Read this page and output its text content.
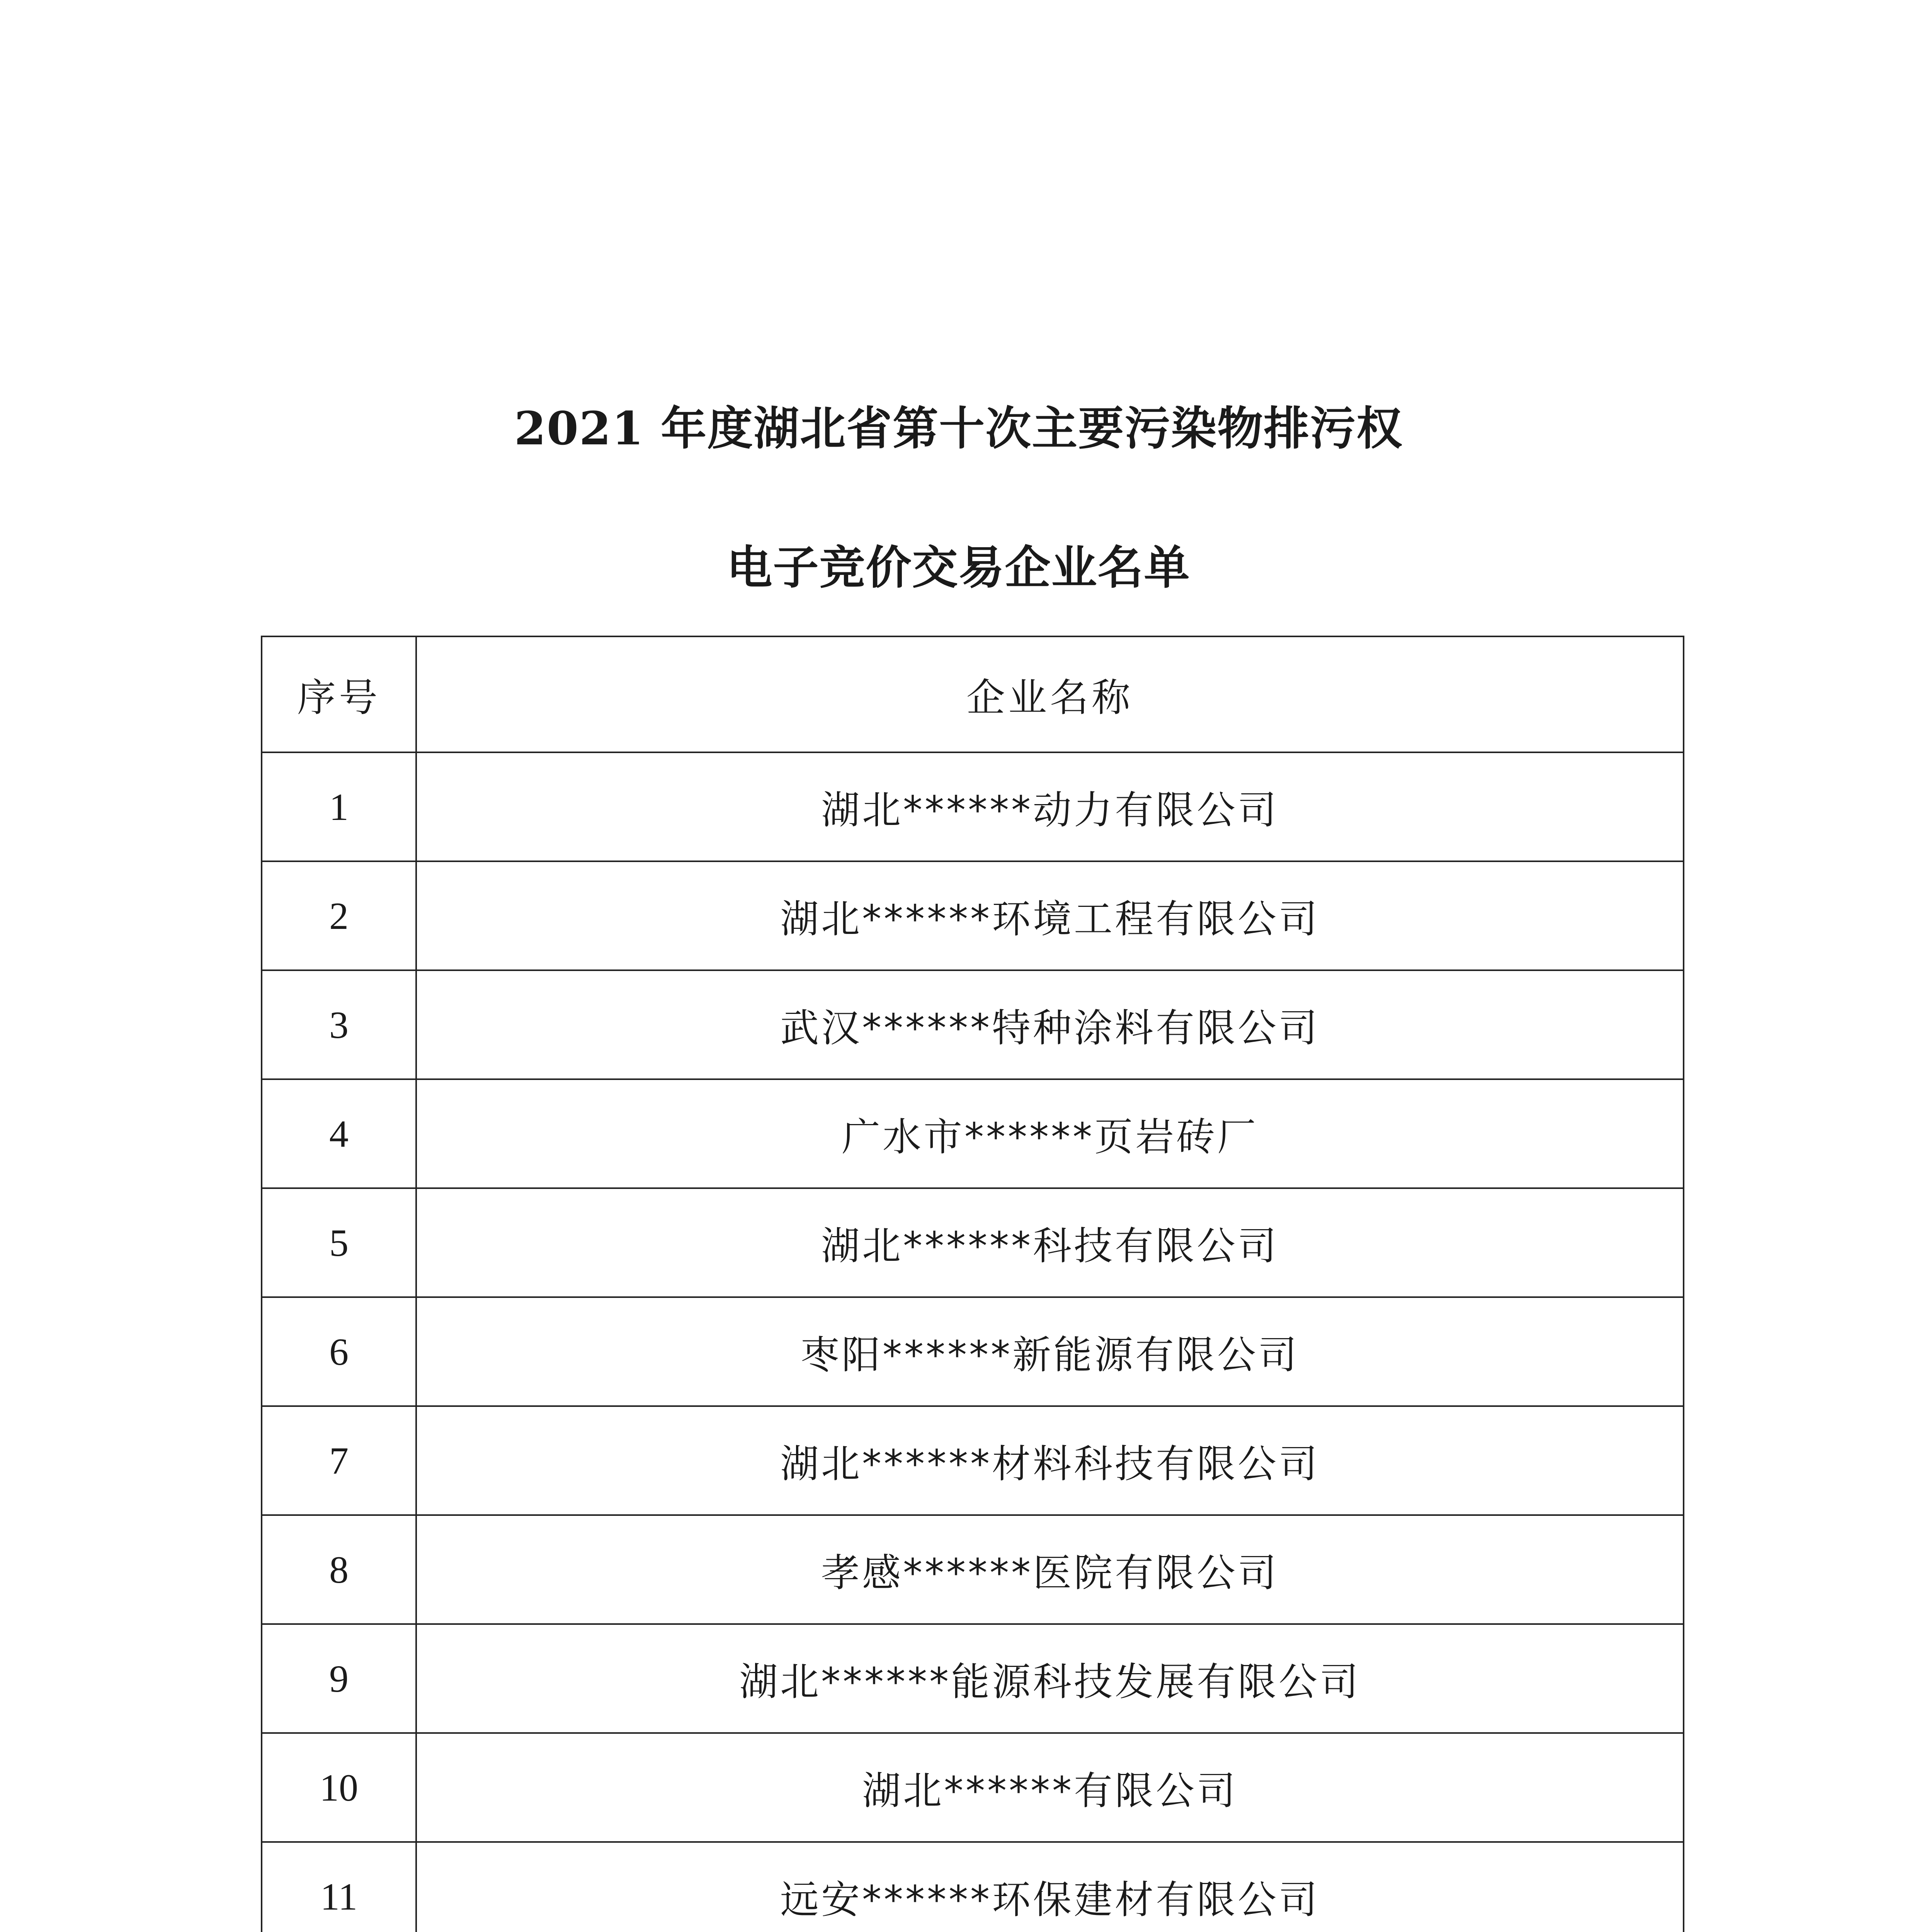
2021 年度湖北省第十次主要污染物排污权
电子竞价交易企业名单
序号	企业名称
1	湖北******动力有限公司
2	湖北******环境工程有限公司
3	武汉******特种涂料有限公司
4	广水市******页岩砖厂
5	湖北******科技有限公司
6	枣阳******新能源有限公司
7	湖北******材料科技有限公司
8	孝感******医院有限公司
9	湖北******能源科技发展有限公司
10	湖北******有限公司
11	远安******环保建材有限公司
